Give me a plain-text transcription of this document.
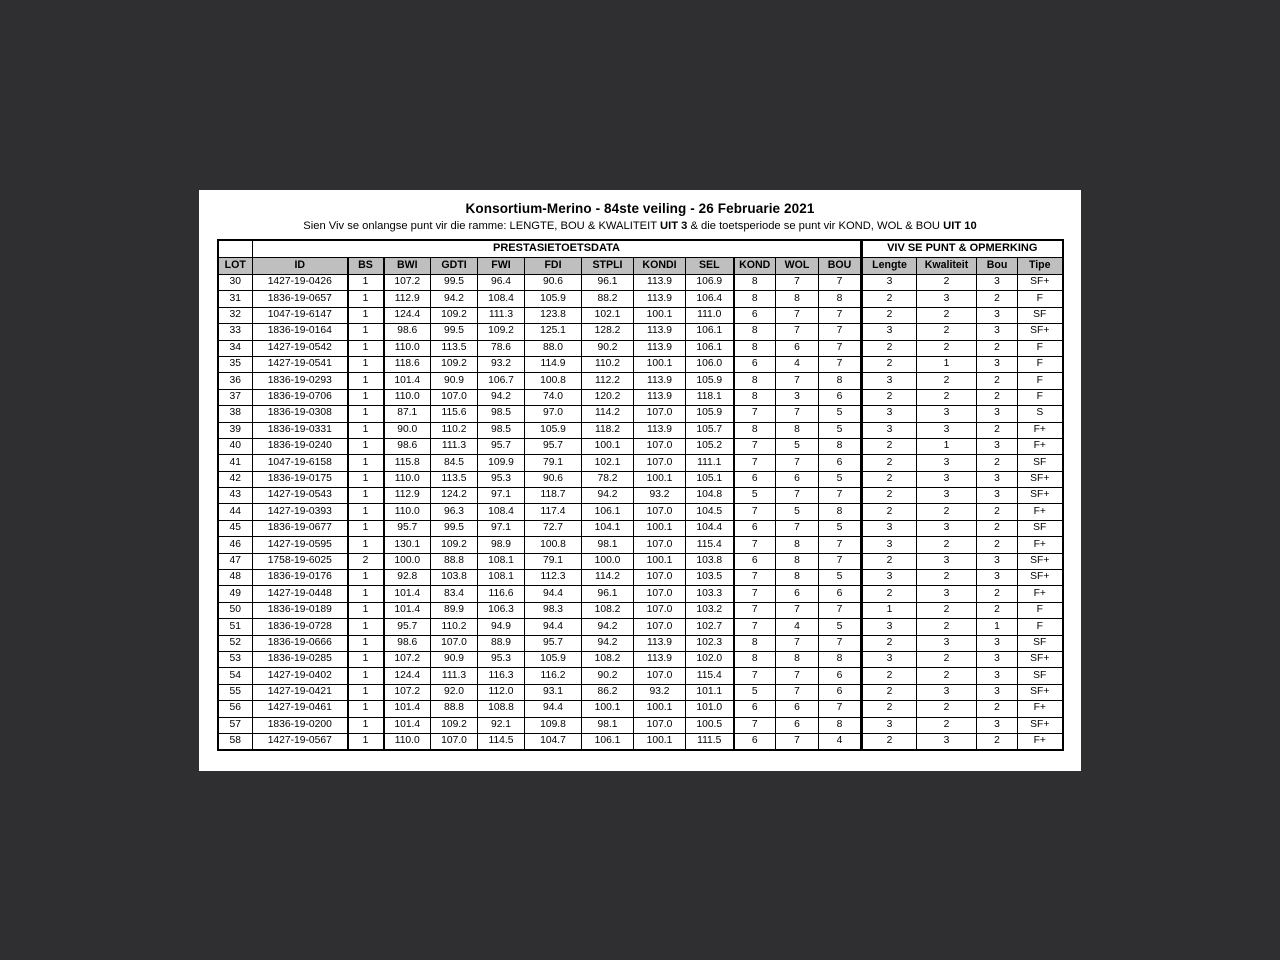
Konsortium-Merino - 84ste veiling - 26 Februarie 2021
Sien Viv se onlangse punt vir die ramme: LENGTE, BOU & KWALITEIT UIT 3 & die toetsperiode se punt vir KOND, WOL & BOU UIT 10
	PRESTASIETOETSDATA												VIV SE PUNT & OPMERKING			
LOT	ID	BS	BWI	GDTI	FWI	FDI	STPLI	KONDI	SEL	KOND	WOL	BOU	Lengte	Kwaliteit	Bou	Tipe
30	1427-19-0426	1	107.2	99.5	96.4	90.6	96.1	113.9	106.9	8	7	7	3	2	3	SF+
31	1836-19-0657	1	112.9	94.2	108.4	105.9	88.2	113.9	106.4	8	8	8	2	3	2	F
32	1047-19-6147	1	124.4	109.2	111.3	123.8	102.1	100.1	111.0	6	7	7	2	2	3	SF
33	1836-19-0164	1	98.6	99.5	109.2	125.1	128.2	113.9	106.1	8	7	7	3	2	3	SF+
34	1427-19-0542	1	110.0	113.5	78.6	88.0	90.2	113.9	106.1	8	6	7	2	2	2	F
35	1427-19-0541	1	118.6	109.2	93.2	114.9	110.2	100.1	106.0	6	4	7	2	1	3	F
36	1836-19-0293	1	101.4	90.9	106.7	100.8	112.2	113.9	105.9	8	7	8	3	2	2	F
37	1836-19-0706	1	110.0	107.0	94.2	74.0	120.2	113.9	118.1	8	3	6	2	2	2	F
38	1836-19-0308	1	87.1	115.6	98.5	97.0	114.2	107.0	105.9	7	7	5	3	3	3	S
39	1836-19-0331	1	90.0	110.2	98.5	105.9	118.2	113.9	105.7	8	8	5	3	3	2	F+
40	1836-19-0240	1	98.6	111.3	95.7	95.7	100.1	107.0	105.2	7	5	8	2	1	3	F+
41	1047-19-6158	1	115.8	84.5	109.9	79.1	102.1	107.0	111.1	7	7	6	2	3	2	SF
42	1836-19-0175	1	110.0	113.5	95.3	90.6	78.2	100.1	105.1	6	6	5	2	3	3	SF+
43	1427-19-0543	1	112.9	124.2	97.1	118.7	94.2	93.2	104.8	5	7	7	2	3	3	SF+
44	1427-19-0393	1	110.0	96.3	108.4	117.4	106.1	107.0	104.5	7	5	8	2	2	2	F+
45	1836-19-0677	1	95.7	99.5	97.1	72.7	104.1	100.1	104.4	6	7	5	3	3	2	SF
46	1427-19-0595	1	130.1	109.2	98.9	100.8	98.1	107.0	115.4	7	8	7	3	2	2	F+
47	1758-19-6025	2	100.0	88.8	108.1	79.1	100.0	100.1	103.8	6	8	7	2	3	3	SF+
48	1836-19-0176	1	92.8	103.8	108.1	112.3	114.2	107.0	103.5	7	8	5	3	2	3	SF+
49	1427-19-0448	1	101.4	83.4	116.6	94.4	96.1	107.0	103.3	7	6	6	2	3	2	F+
50	1836-19-0189	1	101.4	89.9	106.3	98.3	108.2	107.0	103.2	7	7	7	1	2	2	F
51	1836-19-0728	1	95.7	110.2	94.9	94.4	94.2	107.0	102.7	7	4	5	3	2	1	F
52	1836-19-0666	1	98.6	107.0	88.9	95.7	94.2	113.9	102.3	8	7	7	2	3	3	SF
53	1836-19-0285	1	107.2	90.9	95.3	105.9	108.2	113.9	102.0	8	8	8	3	2	3	SF+
54	1427-19-0402	1	124.4	111.3	116.3	116.2	90.2	107.0	115.4	7	7	6	2	2	3	SF
55	1427-19-0421	1	107.2	92.0	112.0	93.1	86.2	93.2	101.1	5	7	6	2	3	3	SF+
56	1427-19-0461	1	101.4	88.8	108.8	94.4	100.1	100.1	101.0	6	6	7	2	2	2	F+
57	1836-19-0200	1	101.4	109.2	92.1	109.8	98.1	107.0	100.5	7	6	8	3	2	3	SF+
58	1427-19-0567	1	110.0	107.0	114.5	104.7	106.1	100.1	111.5	6	7	4	2	3	2	F+
